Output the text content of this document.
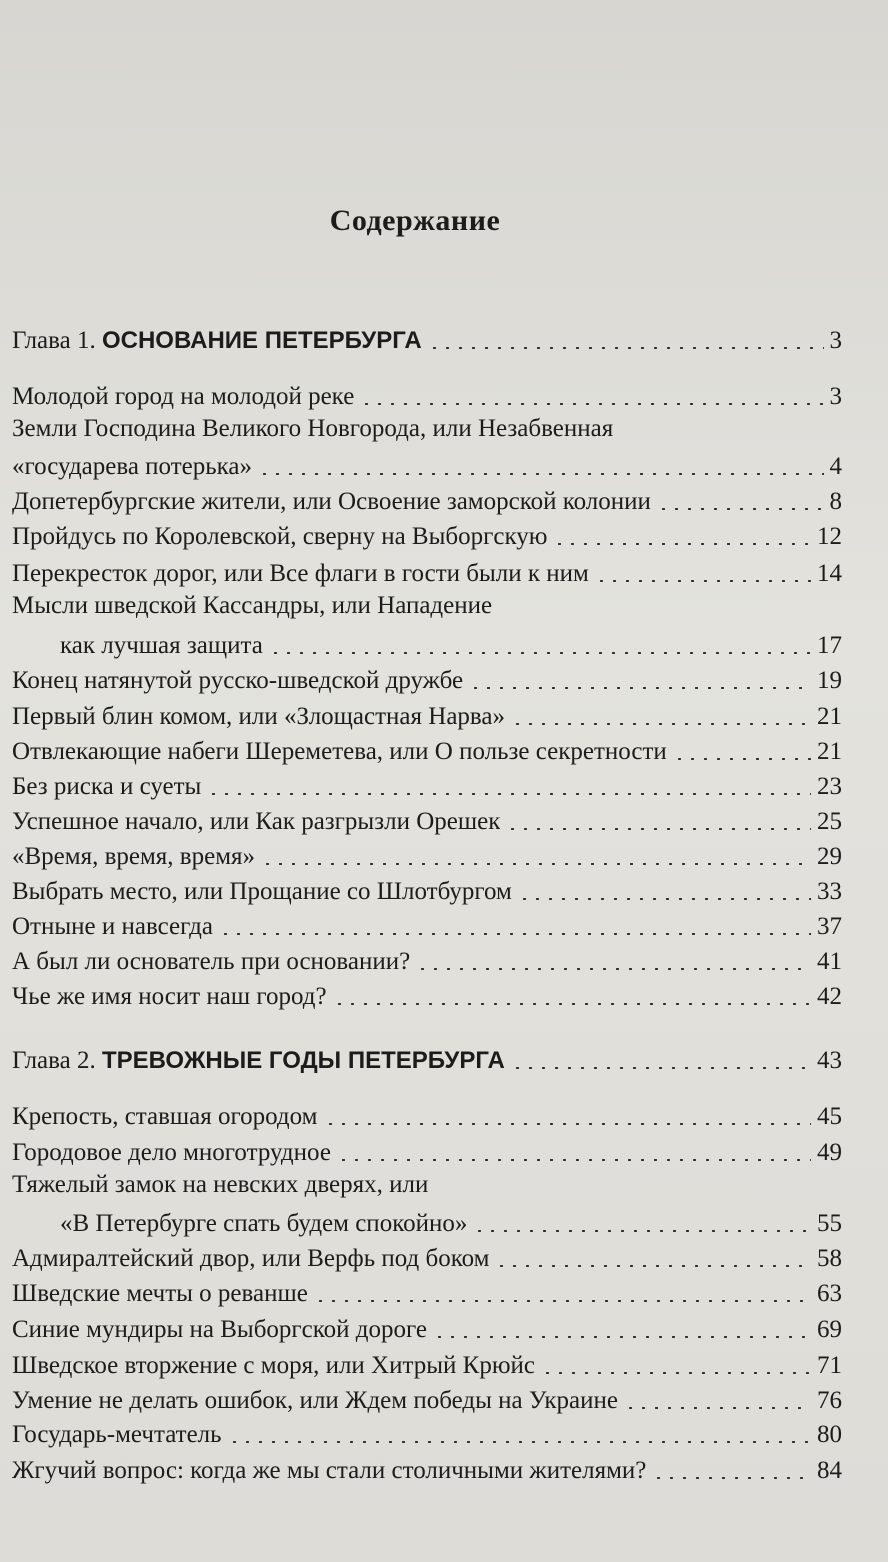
Содержание
Глава 1. ОСНОВАНИЕ ПЕТЕРБУРГА	3
Молодой город на молодой реке	3
Земли Господина Великого Новгорода, или Незабвенная
«государева потерька»	4
Допетербургские жители, или Освоение заморской колонии	8
Пройдусь по Королевской, сверну на Выборгскую	12
Перекресток дорог, или Все флаги в гости были к ним	14
Мысли шведской Кассандры, или Нападение
как лучшая защита	17
Конец натянутой русско-шведской дружбе	19
Первый блин комом, или «Злощастная Нарва»	21
Отвлекающие набеги Шереметева, или О пользе секретности	21
Без риска и суеты	23
Успешное начало, или Как разгрызли Орешек	25
«Время, время, время»	29
Выбрать место, или Прощание со Шлотбургом	33
Отныне и навсегда	37
А был ли основатель при основании?	41
Чье же имя носит наш город?	42
Глава 2. ТРЕВОЖНЫЕ ГОДЫ ПЕТЕРБУРГА	43
Крепость, ставшая огородом	45
Городовое дело многотрудное	49
Тяжелый замок на невских дверях, или
«В Петербурге спать будем спокойно»	55
Адмиралтейский двор, или Верфь под боком	58
Шведские мечты о реванше	63
Синие мундиры на Выборгской дороге	69
Шведское вторжение с моря, или Хитрый Крюйс	71
Умение не делать ошибок, или Ждем победы на Украине	76
Государь-мечтатель	80
Жгучий вопрос: когда же мы стали столичными жителями?	84
